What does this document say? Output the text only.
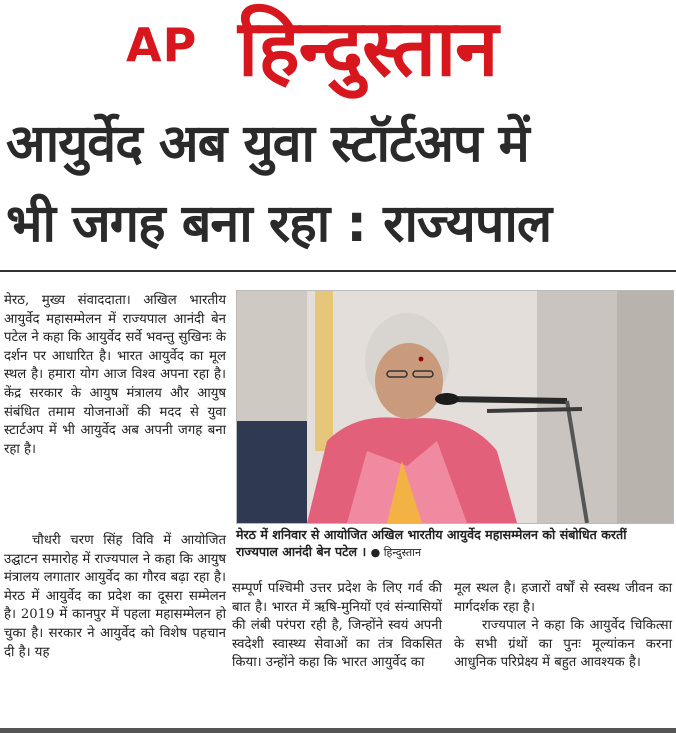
AP हिन्दुस्तान
आयुर्वेद अब युवा स्टॉर्टअप में
भी जगह बना रहा : राज्यपाल

मेरठ, मुख्य संवाददाता। अखिल भारतीय आयुर्वेद महासम्मेलन में राज्यपाल आनंदी बेन पटेल ने कहा कि आयुर्वेद सर्वे भवन्तु सुखिनः के दर्शन पर आधारित है। भारत आयुर्वेद का मूल स्थल है। हमारा योग आज विश्व अपना रहा है। केंद्र सरकार के आयुष मंत्रालय और आयुष संबंधित तमाम योजनाओं की मदद से युवा स्टार्टअप में भी आयुर्वेद अब अपनी जगह बना रहा है।

चौधरी चरण सिंह विवि में आयोजित उद्घाटन समारोह में राज्यपाल ने कहा कि आयुष मंत्रालय लगातार आयुर्वेद का गौरव बढ़ा रहा है। मेरठ में आयुर्वेद का प्रदेश का दूसरा सम्मेलन है। 2019 में कानपुर में पहला महासम्मेलन हो चुका है। सरकार ने आयुर्वेद को विशेष पहचान दी है। यह

मेरठ में शनिवार से आयोजित अखिल भारतीय आयुर्वेद महासम्मेलन को संबोधित करतीं राज्यपाल आनंदी बेन पटेल । ● हिन्दुस्तान

सम्पूर्ण पश्चिमी उत्तर प्रदेश के लिए गर्व की बात है। भारत में ऋषि-मुनियों एवं संन्यासियों की लंबी परंपरा रही है, जिन्होंने स्वयं अपनी स्वदेशी स्वास्थ्य सेवाओं का तंत्र विकसित किया। उन्होंने कहा कि भारत आयुर्वेद का

मूल स्थल है। हजारों वर्षों से स्वस्थ जीवन का मार्गदर्शक रहा है।

राज्यपाल ने कहा कि आयुर्वेद चिकित्सा के सभी ग्रंथों का पुनः मूल्यांकन करना आधुनिक परिप्रेक्ष्य में बहुत आवश्यक है।
